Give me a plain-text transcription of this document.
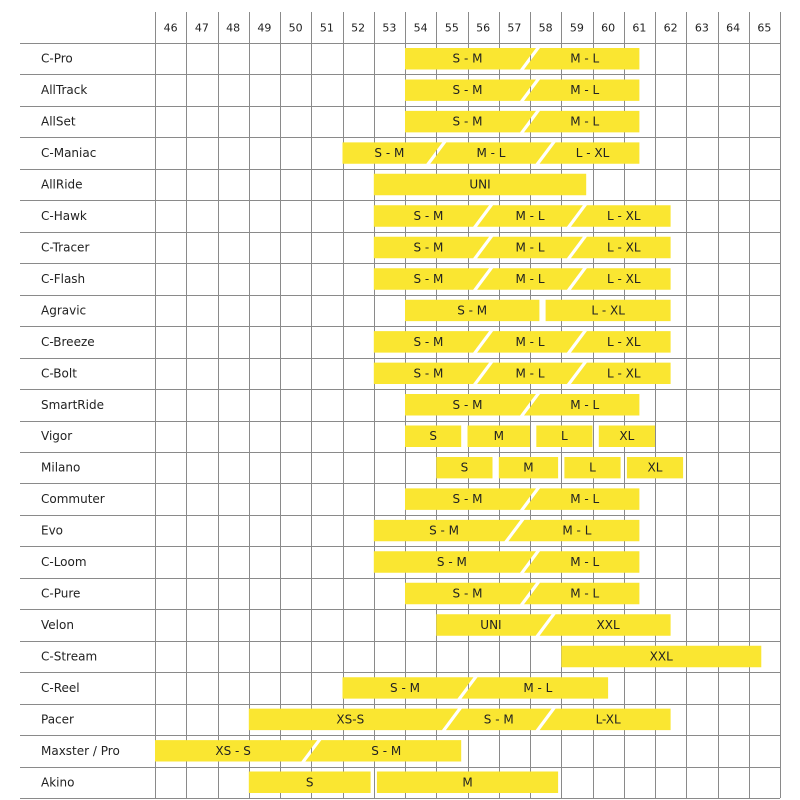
46 47 48 49 50 51 52 53 54 55 56 57 58 59 60 61 62 63 64 65
C-Pro	S - M	M - L
AllTrack	S - M	M - L
AllSet	S - M	M - L
C-Maniac	S - M	M - L	L - XL
AllRide	UNI
C-Hawk	S - M	M - L	L - XL
C-Tracer	S - M	M - L	L - XL
C-Flash	S - M	M - L	L - XL
Agravic	S - M	L - XL
C-Breeze	S - M	M - L	L - XL
C-Bolt	S - M	M - L	L - XL
SmartRide	S - M	M - L
Vigor	S	M	L	XL
Milano	S	M	L	XL
Commuter	S - M	M - L
Evo	S - M	M - L
C-Loom	S - M	M - L
C-Pure	S - M	M - L
Velon	UNI	XXL
C-Stream	XXL
C-Reel	S - M	M - L
Pacer	XS-S	S - M	L-XL
Maxster / Pro	XS - S	S - M
Akino	S	M
